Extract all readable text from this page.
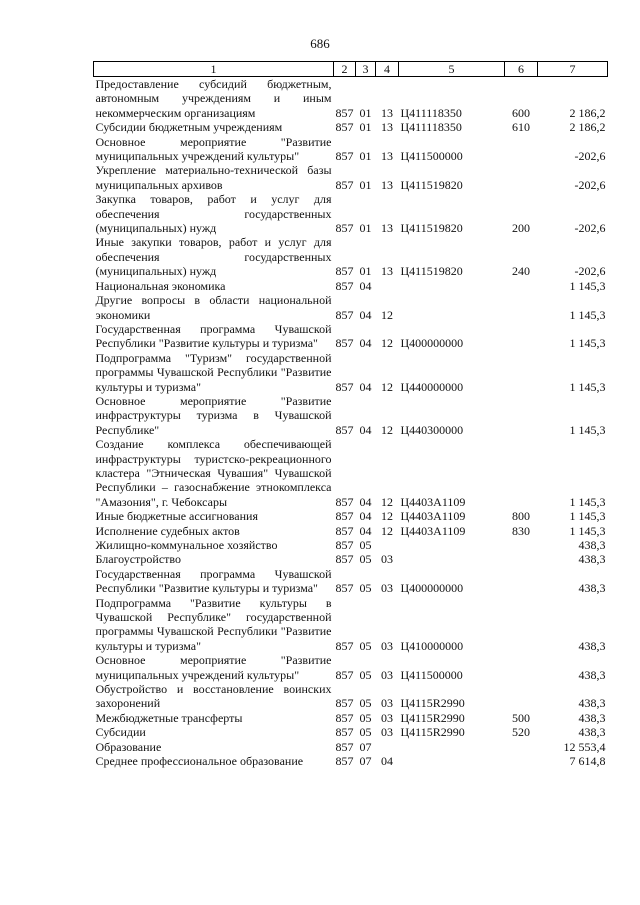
686
1	2	3	4	5	6	7
Предоставление субсидий бюджетным, автономным учреждениям и иным некоммерческим организациям	857	01	13	Ц411118350	600	2 186,2
Субсидии бюджетным учреждениям	857	01	13	Ц411118350	610	2 186,2
Основное мероприятие "Развитие муниципальных учреждений культуры"	857	01	13	Ц411500000		-202,6
Укрепление материально-технической базы муниципальных архивов	857	01	13	Ц411519820		-202,6
Закупка товаров, работ и услуг для обеспечения государственных (муниципальных) нужд	857	01	13	Ц411519820	200	-202,6
Иные закупки товаров, работ и услуг для обеспечения государственных (муниципальных) нужд	857	01	13	Ц411519820	240	-202,6
Национальная экономика	857	04				1 145,3
Другие вопросы в области национальной экономики	857	04	12			1 145,3
Государственная программа Чувашской Республики "Развитие культуры и туризма"	857	04	12	Ц400000000		1 145,3
Подпрограмма "Туризм" государственной программы Чувашской Республики "Развитие культуры и туризма"	857	04	12	Ц440000000		1 145,3
Основное мероприятие "Развитие инфраструктуры туризма в Чувашской Республике"	857	04	12	Ц440300000		1 145,3
Создание комплекса обеспечивающей инфраструктуры туристско-рекреационного кластера "Этническая Чувашия" Чувашской Республики – газоснабжение этнокомплекса "Амазония", г. Чебоксары	857	04	12	Ц4403А1109		1 145,3
Иные бюджетные ассигнования	857	04	12	Ц4403А1109	800	1 145,3
Исполнение судебных актов	857	04	12	Ц4403А1109	830	1 145,3
Жилищно-коммунальное хозяйство	857	05				438,3
Благоустройство	857	05	03			438,3
Государственная программа Чувашской Республики "Развитие культуры и туризма"	857	05	03	Ц400000000		438,3
Подпрограмма "Развитие культуры в Чувашской Республике" государственной программы Чувашской Республики "Развитие культуры и туризма"	857	05	03	Ц410000000		438,3
Основное мероприятие "Развитие муниципальных учреждений культуры"	857	05	03	Ц411500000		438,3
Обустройство и восстановление воинских захоронений	857	05	03	Ц4115R2990		438,3
Межбюджетные трансферты	857	05	03	Ц4115R2990	500	438,3
Субсидии	857	05	03	Ц4115R2990	520	438,3
Образование	857	07				12 553,4
Среднее профессиональное образование	857	07	04			7 614,8
